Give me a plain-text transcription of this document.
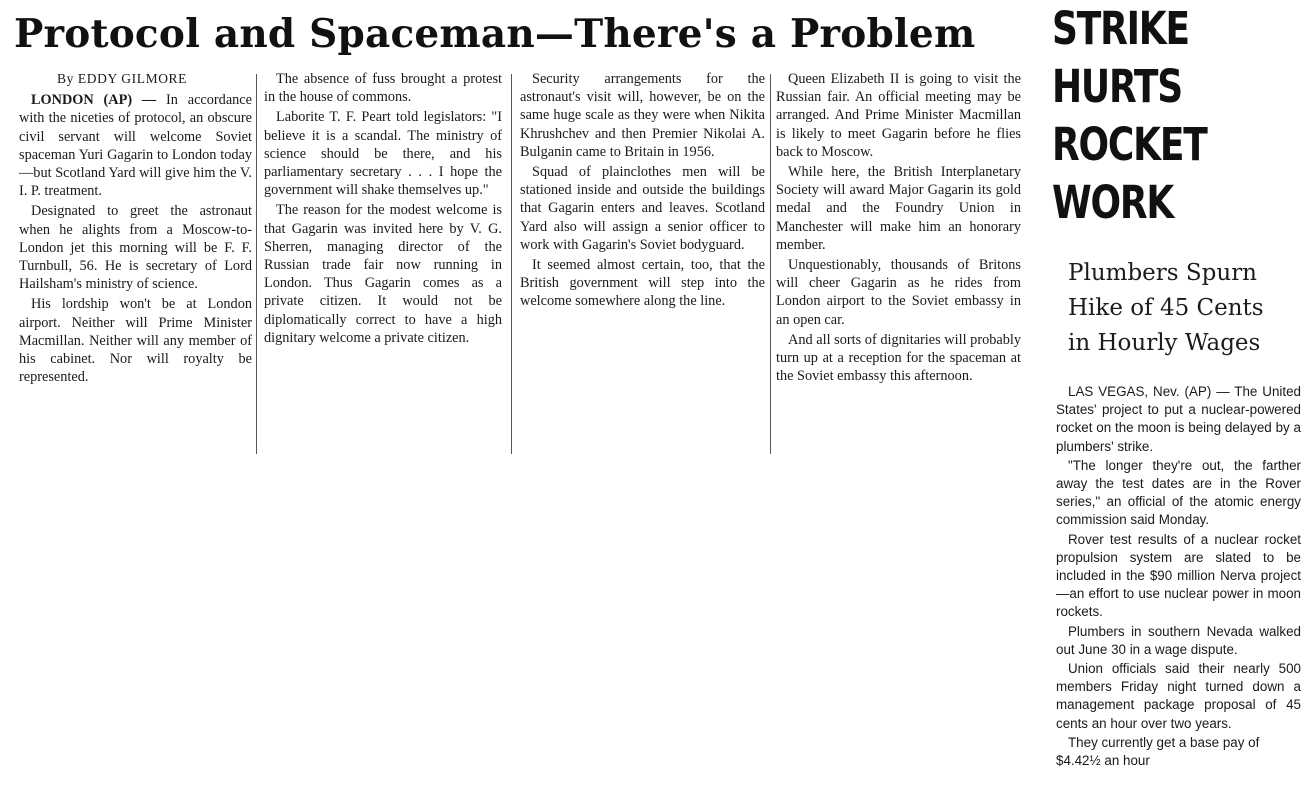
Protocol and Spaceman—There's a Problem

By EDDY GILMORE

LONDON (AP) — In accordance with the niceties of protocol, an obscure civil servant will welcome Soviet spaceman Yuri Gagarin to London today—but Scotland Yard will give him the V. I. P. treatment.

Designated to greet the astronaut when he alights from a Moscow-to-London jet this morning will be F. F. Turnbull, 56. He is secretary of Lord Hailsham's ministry of science.

His lordship won't be at London airport. Neither will Prime Minister Macmillan. Neither will any member of his cabinet. Nor will royalty be represented.

The absence of fuss brought a protest in the house of commons.

Laborite T. F. Peart told legislators: "I believe it is a scandal. The ministry of science should be there, and his parliamentary secretary . . . I hope the government will shake themselves up."

The reason for the modest welcome is that Gagarin was invited here by V. G. Sherren, managing director of the Russian trade fair now running in London. Thus Gagarin comes as a private citizen. It would not be diplomatically correct to have a high dignitary welcome a private citizen.

Security arrangements for the astronaut's visit will, however, be on the same huge scale as they were when Nikita Khrushchev and then Premier Nikolai A. Bulganin came to Britain in 1956.

Squad of plainclothes men will be stationed inside and outside the buildings that Gagarin enters and leaves. Scotland Yard also will assign a senior officer to work with Gagarin's Soviet bodyguard.

It seemed almost certain, too, that the British government will step into the welcome somewhere along the line.

Queen Elizabeth II is going to visit the Russian fair. An official meeting may be arranged. And Prime Minister Macmillan is likely to meet Gagarin before he flies back to Moscow.

While here, the British Interplanetary Society will award Major Gagarin its gold medal and the Foundry Union in Manchester will make him an honorary member.

Unquestionably, thousands of Britons will cheer Gagarin as he rides from London airport to the Soviet embassy in an open car.

And all sorts of dignitaries will probably turn up at a reception for the spaceman at the Soviet embassy this afternoon.

STRIKE HURTS ROCKET WORK
Plumbers Spurn
Hike of 45 Cents
in Hourly Wages

LAS VEGAS, Nev. (AP) — The United States' project to put a nuclear-powered rocket on the moon is being delayed by a plumbers' strike.

"The longer they're out, the farther away the test dates are in the Rover series," an official of the atomic energy commission said Monday.

Rover test results of a nuclear rocket propulsion system are slated to be included in the $90 million Nerva project—an effort to use nuclear power in moon rockets.

Plumbers in southern Nevada walked out June 30 in a wage dispute.

Union officials said their nearly 500 members Friday night turned down a management package proposal of 45 cents an hour over two years.

They currently get a base pay of $4.42½ an hour
